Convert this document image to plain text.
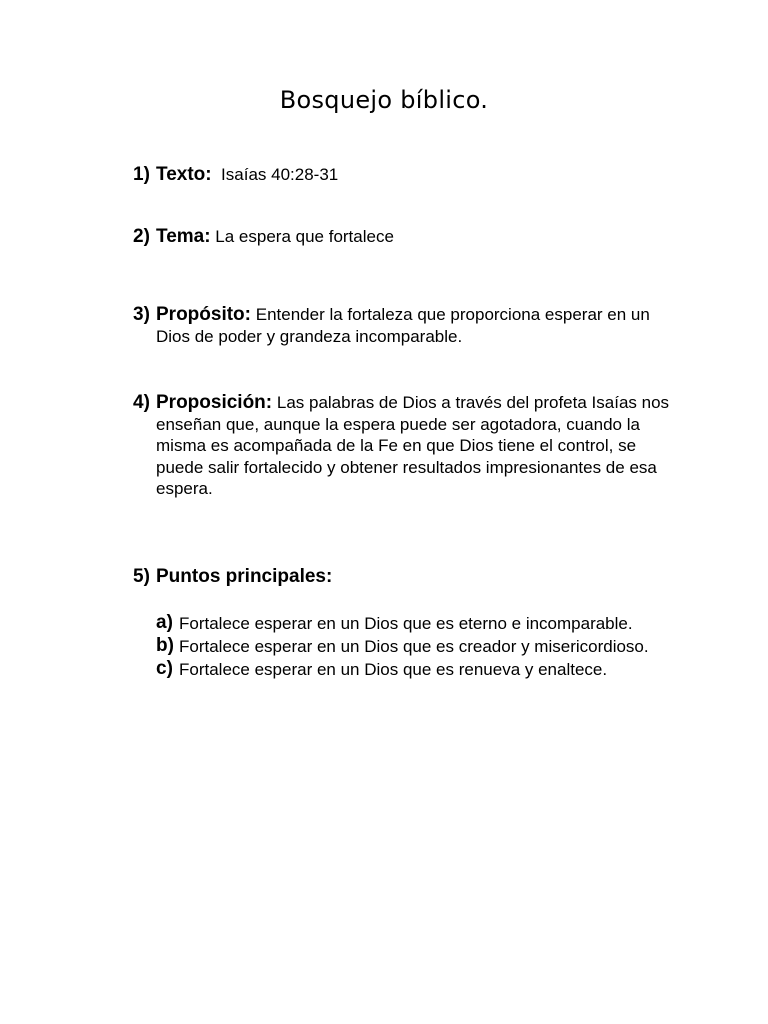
Bosquejo bíblico.
1) Texto:  Isaías 40:28-31
2) Tema: La espera que fortalece
3) Propósito: Entender la fortaleza que proporciona esperar en un Dios de poder y grandeza incomparable.
4) Proposición: Las palabras de Dios a través del profeta Isaías nos enseñan que, aunque la espera puede ser agotadora, cuando la misma es acompañada de la Fe en que Dios tiene el control, se puede salir fortalecido y obtener resultados impresionantes de esa espera.
5) Puntos principales:
a) Fortalece esperar en un Dios que es eterno e incomparable.
b) Fortalece esperar en un Dios que es creador y misericordioso.
c) Fortalece esperar en un Dios que es renueva y enaltece.
